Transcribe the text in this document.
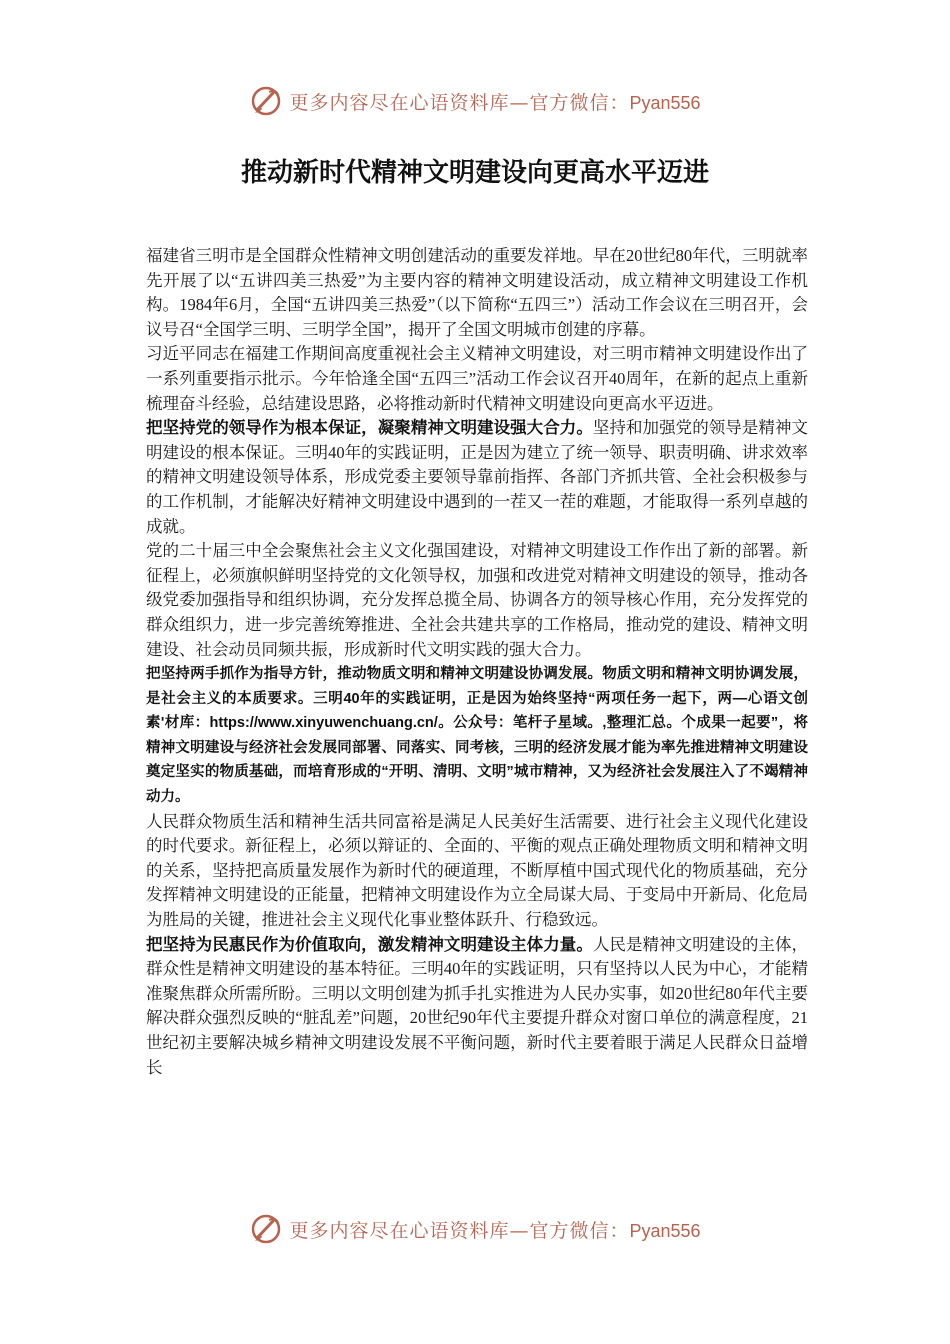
更多内容尽在心语资料库—官方微信：Pyan556
推动新时代精神文明建设向更高水平迈进

福建省三明市是全国群众性精神文明创建活动的重要发祥地。早在20世纪80年代，三明就率先开展了以“五讲四美三热爱”为主要内容的精神文明建设活动，成立精神文明建设工作机构。1984年6月，全国“五讲四美三热爱”（以下简称“五四三”）活动工作会议在三明召开，会议号召“全国学三明、三明学全国”，揭开了全国文明城市创建的序幕。

习近平同志在福建工作期间高度重视社会主义精神文明建设，对三明市精神文明建设作出了一系列重要指示批示。今年恰逢全国“五四三”活动工作会议召开40周年，在新的起点上重新梳理奋斗经验，总结建设思路，必将推动新时代精神文明建设向更高水平迈进。

把坚持党的领导作为根本保证，凝聚精神文明建设强大合力。坚持和加强党的领导是精神文明建设的根本保证。三明40年的实践证明，正是因为建立了统一领导、职责明确、讲求效率的精神文明建设领导体系，形成党委主要领导靠前指挥、各部门齐抓共管、全社会积极参与的工作机制，才能解决好精神文明建设中遇到的一茬又一茬的难题，才能取得一系列卓越的成就。

党的二十届三中全会聚焦社会主义文化强国建设，对精神文明建设工作作出了新的部署。新征程上，必须旗帜鲜明坚持党的文化领导权，加强和改进党对精神文明建设的领导，推动各级党委加强指导和组织协调，充分发挥总揽全局、协调各方的领导核心作用，充分发挥党的群众组织力，进一步完善统筹推进、全社会共建共享的工作格局，推动党的建设、精神文明建设、社会动员同频共振，形成新时代文明实践的强大合力。

把坚持两手抓作为指导方针，推动物质文明和精神文明建设协调发展。物质文明和精神文明协调发展，是社会主义的本质要求。三明40年的实践证明，正是因为始终坚持“两项任务一起下，两—心语文创素'材库：https://www.xinyuwenchuang.cn/。公众号：笔杆子星域。,整理汇总。个成果一起要”，将精神文明建设与经济社会发展同部署、同落实、同考核，三明的经济发展才能为率先推进精神文明建设奠定坚实的物质基础，而培育形成的“开明、清明、文明”城市精神，又为经济社会发展注入了不竭精神动力。

人民群众物质生活和精神生活共同富裕是满足人民美好生活需要、进行社会主义现代化建设的时代要求。新征程上，必须以辩证的、全面的、平衡的观点正确处理物质文明和精神文明的关系，坚持把高质量发展作为新时代的硬道理，不断厚植中国式现代化的物质基础，充分发挥精神文明建设的正能量，把精神文明建设作为立全局谋大局、于变局中开新局、化危局为胜局的关键，推进社会主义现代化事业整体跃升、行稳致远。

把坚持为民惠民作为价值取向，激发精神文明建设主体力量。人民是精神文明建设的主体，群众性是精神文明建设的基本特征。三明40年的实践证明，只有坚持以人民为中心，才能精准聚焦群众所需所盼。三明以文明创建为抓手扎实推进为人民办实事，如20世纪80年代主要解决群众强烈反映的“脏乱差”问题，20世纪90年代主要提升群众对窗口单位的满意程度，21世纪初主要解决城乡精神文明建设发展不平衡问题，新时代主要着眼于满足人民群众日益增长

更多内容尽在心语资料库—官方微信：Pyan556
